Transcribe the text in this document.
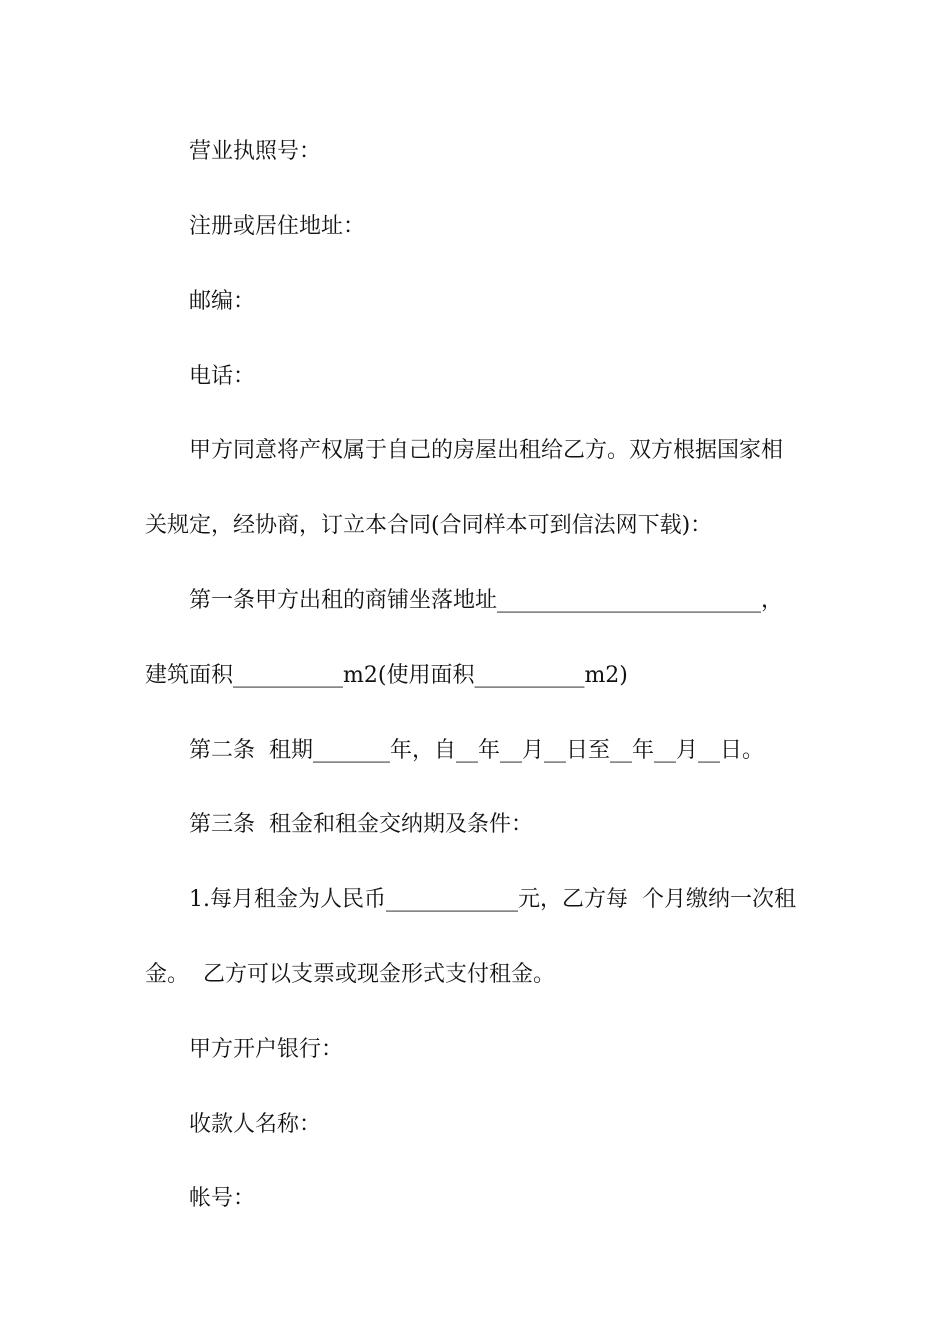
营业执照号：
注册或居住地址：
邮编：
电话：
甲方同意将产权属于自己的房屋出租给乙方。双方根据国家相
关规定，经协商，订立本合同(合同样本可到信法网下载)：
第一条甲方出租的商铺坐落地址________________________，
建筑面积__________m2(使用面积__________m2)
第二条  租期_______年，自__年__月__日至__年__月__日。
第三条  租金和租金交纳期及条件：
1.每月租金为人民币____________元，乙方每  个月缴纳一次租
金。  乙方可以支票或现金形式支付租金。
甲方开户银行：
收款人名称：
帐号：
